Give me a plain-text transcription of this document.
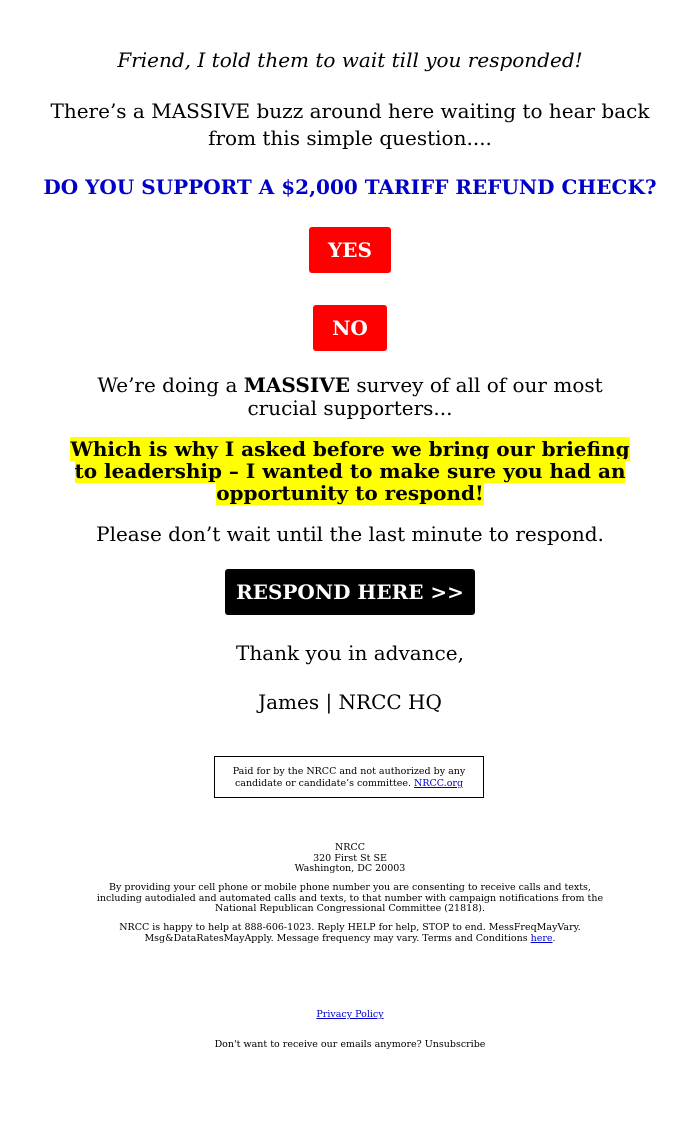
Friend, I told them to wait till you responded!

There’s a MASSIVE buzz around here waiting to hear back from this simple question....

DO YOU SUPPORT A $2,000 TARIFF REFUND CHECK?

YES
NO

We’re doing a MASSIVE survey of all of our most crucial supporters...

Which is why I asked before we bring our briefing to leadership – I wanted to make sure you had an opportunity to respond!

Please don’t wait until the last minute to respond.

RESPOND HERE >>

Thank you in advance,

James | NRCC HQ

Paid for by the NRCC and not authorized by any candidate or candidate’s committee. NRCC.org

NRCC
320 First St SE
Washington, DC 20003

By providing your cell phone or mobile phone number you are consenting to receive calls and texts, including autodialed and automated calls and texts, to that number with campaign notifications from the National Republican Congressional Committee (21818).

NRCC is happy to help at 888-606-1023. Reply HELP for help, STOP to end. MessFreqMayVary. Msg&DataRatesMayApply. Message frequency may vary. Terms and Conditions here.

Privacy Policy

Don't want to receive our emails anymore? Unsubscribe
